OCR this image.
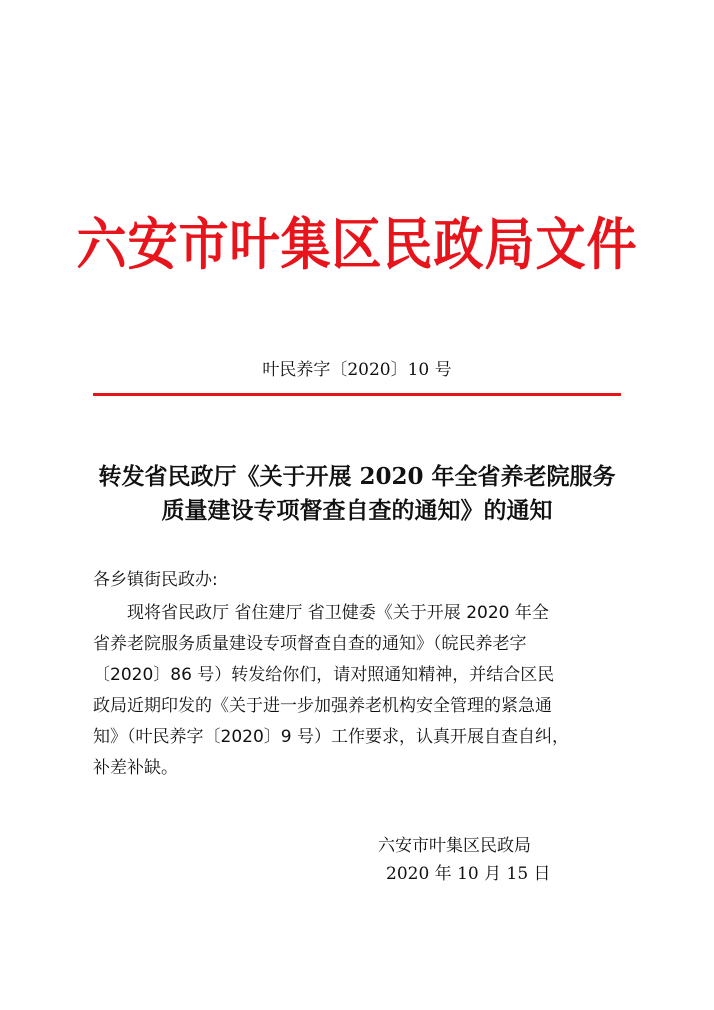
六安市叶集区民政局文件
叶民养字〔2020〕10 号
转发省民政厅《关于开展 2020 年全省养老院服务
质量建设专项督查自查的通知》的通知
各乡镇街民政办:
现将省民政厅 省住建厅 省卫健委《关于开展 2020 年全
省养老院服务质量建设专项督查自查的通知》（皖民养老字
〔2020〕86 号）转发给你们，请对照通知精神，并结合区民
政局近期印发的《关于进一步加强养老机构安全管理的紧急通
知》（叶民养字〔2020〕9 号）工作要求，认真开展自查自纠，
补差补缺。
六安市叶集区民政局
2020 年 10 月 15 日
